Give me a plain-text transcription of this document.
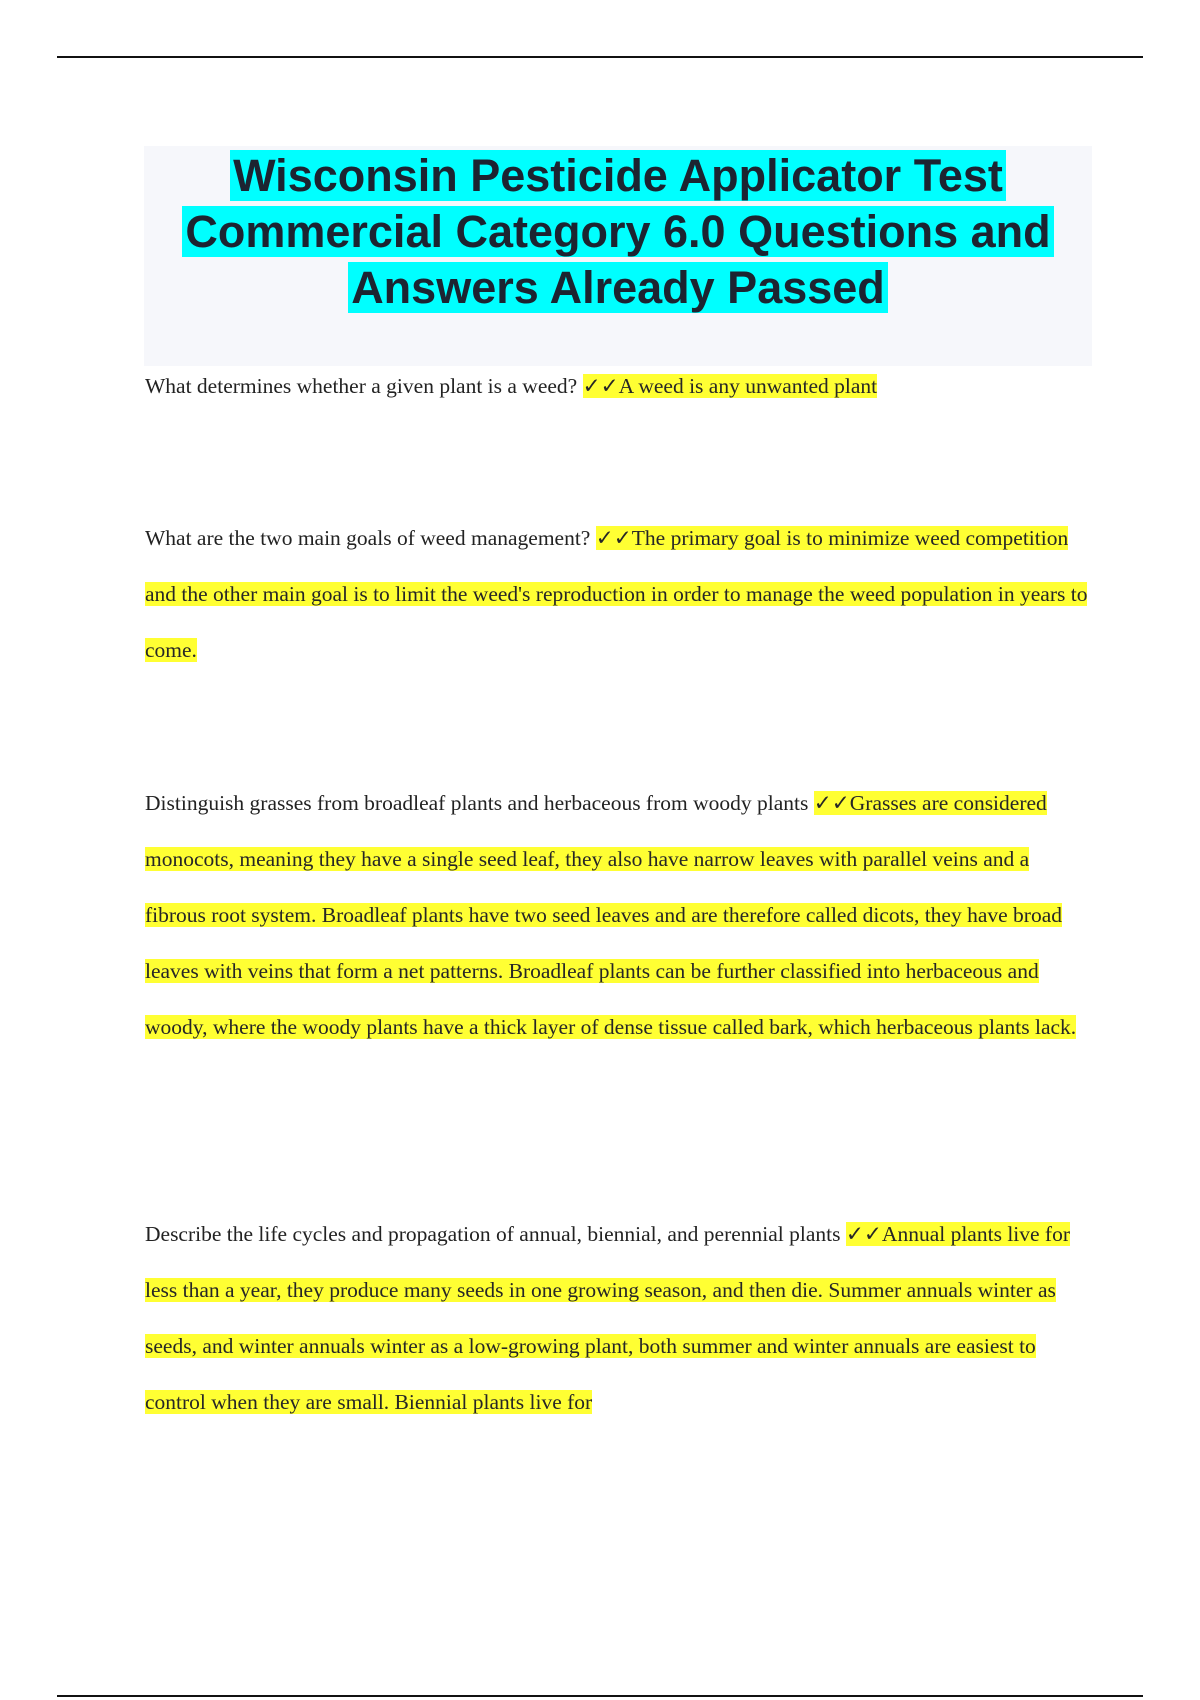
Wisconsin Pesticide Applicator Test
Commercial Category 6.0 Questions and
Answers Already Passed
What determines whether a given plant is a weed? ✓✓A weed is any unwanted plant
What are the two main goals of weed management? ✓✓The primary goal is to minimize weed competition and the other main goal is to limit the weed's reproduction in order to manage the weed population in years to come.
Distinguish grasses from broadleaf plants and herbaceous from woody plants ✓✓Grasses are considered monocots, meaning they have a single seed leaf, they also have narrow leaves with parallel veins and a fibrous root system. Broadleaf plants have two seed leaves and are therefore called dicots, they have broad leaves with veins that form a net patterns. Broadleaf plants can be further classified into herbaceous and woody, where the woody plants have a thick layer of dense tissue called bark, which herbaceous plants lack.
Describe the life cycles and propagation of annual, biennial, and perennial plants ✓✓Annual plants live for less than a year, they produce many seeds in one growing season, and then die. Summer annuals winter as seeds, and winter annuals winter as a low-growing plant, both summer and winter annuals are easiest to control when they are small. Biennial plants live for
